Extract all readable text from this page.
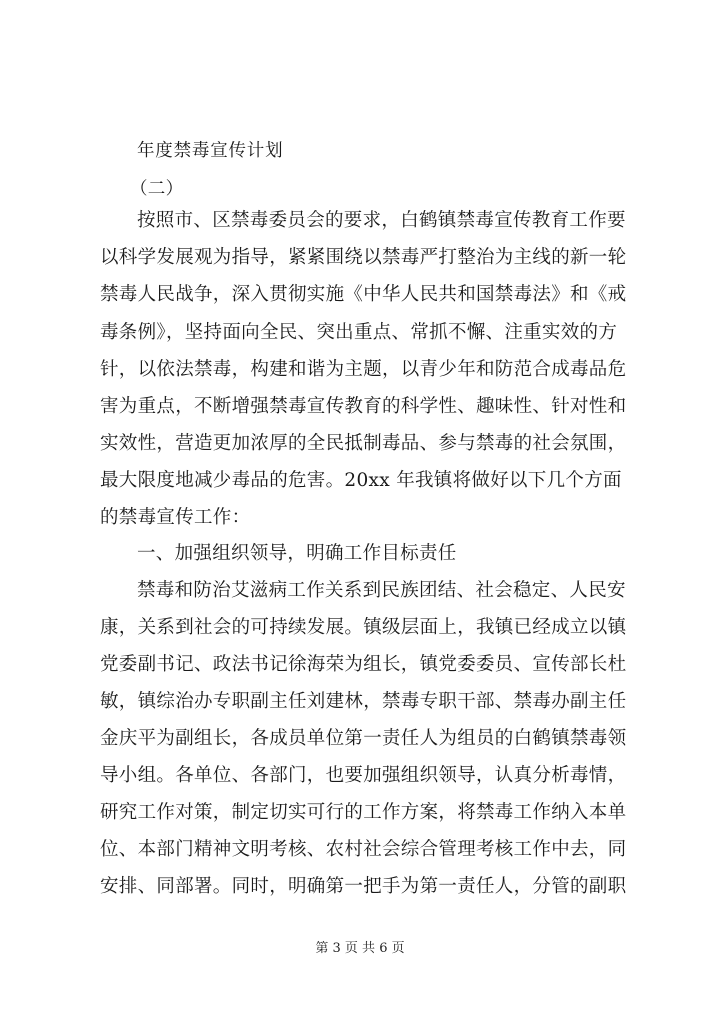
年度禁毒宣传计划
（二）
按照市、区禁毒委员会的要求，白鹤镇禁毒宣传教育工作要
以科学发展观为指导，紧紧围绕以禁毒严打整治为主线的新一轮
禁毒人民战争，深入贯彻实施《中华人民共和国禁毒法》和《戒
毒条例》，坚持面向全民、突出重点、常抓不懈、注重实效的方
针，以依法禁毒，构建和谐为主题，以青少年和防范合成毒品危
害为重点，不断增强禁毒宣传教育的科学性、趣味性、针对性和
实效性，营造更加浓厚的全民抵制毒品、参与禁毒的社会氛围，
最大限度地减少毒品的危害。20xx 年我镇将做好以下几个方面
的禁毒宣传工作：
一、加强组织领导，明确工作目标责任
禁毒和防治艾滋病工作关系到民族团结、社会稳定、人民安
康，关系到社会的可持续发展。镇级层面上，我镇已经成立以镇
党委副书记、政法书记徐海荣为组长，镇党委委员、宣传部长杜
敏，镇综治办专职副主任刘建林，禁毒专职干部、禁毒办副主任
金庆平为副组长，各成员单位第一责任人为组员的白鹤镇禁毒领
导小组。各单位、各部门，也要加强组织领导，认真分析毒情，
研究工作对策，制定切实可行的工作方案，将禁毒工作纳入本单
位、本部门精神文明考核、农村社会综合管理考核工作中去，同
安排、同部署。同时，明确第一把手为第一责任人，分管的副职
第 3 页 共 6 页
